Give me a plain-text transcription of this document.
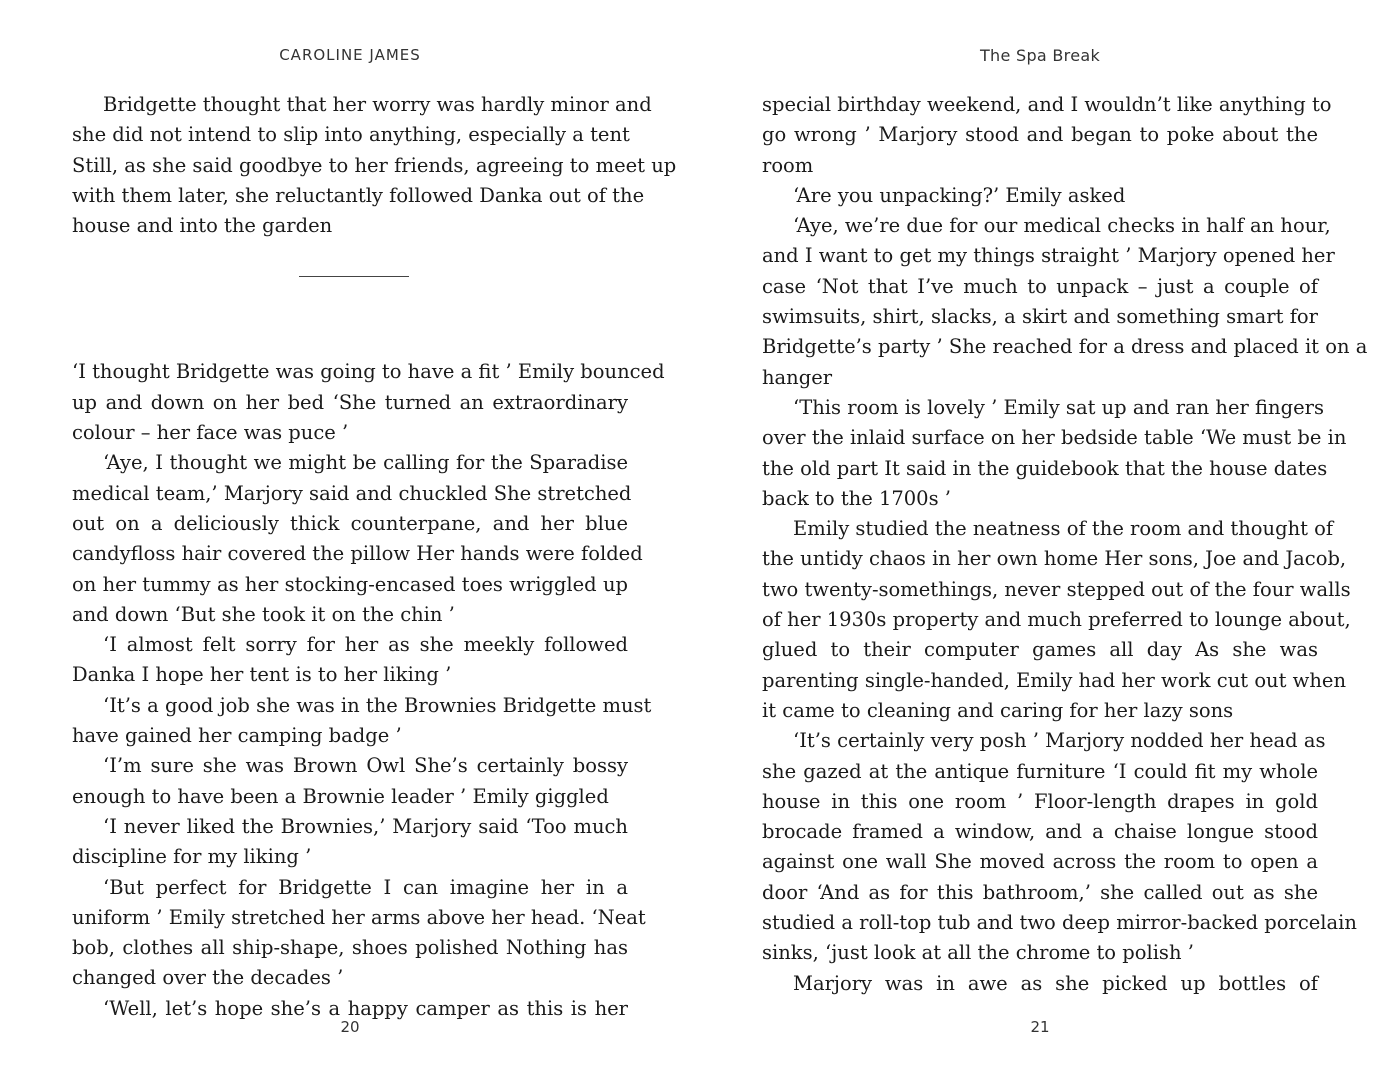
CAROLINE JAMES
Bridgette thought that her worry was hardly minor and
she did not intend to slip into anything, especially a tent
Still, as she said goodbye to her friends, agreeing to meet up
with them later, she reluctantly followed Danka out of the
house and into the garden
‘I thought Bridgette was going to have a fit ’ Emily bounced
up and down on her bed ‘She turned an extraordinary
colour – her face was puce ’
‘Aye, I thought we might be calling for the Sparadise
medical team,’ Marjory said and chuckled She stretched
out on a deliciously thick counterpane, and her blue
candyfloss hair covered the pillow Her hands were folded
on her tummy as her stocking-encased toes wriggled up
and down ‘But she took it on the chin ’
‘I almost felt sorry for her as she meekly followed
Danka I hope her tent is to her liking ’
‘It’s a good job she was in the Brownies Bridgette must
have gained her camping badge ’
‘I’m sure she was Brown Owl She’s certainly bossy
enough to have been a Brownie leader ’ Emily giggled
‘I never liked the Brownies,’ Marjory said ‘Too much
discipline for my liking ’
‘But perfect for Bridgette I can imagine her in a
uniform ’ Emily stretched her arms above her head. ‘Neat
bob, clothes all ship-shape, shoes polished Nothing has
changed over the decades ’
‘Well, let’s hope she’s a happy camper as this is her
20
The Spa Break
special birthday weekend, and I wouldn’t like anything to
go wrong ’ Marjory stood and began to poke about the
room
‘Are you unpacking?’ Emily asked
‘Aye, we’re due for our medical checks in half an hour,
and I want to get my things straight ’ Marjory opened her
case ‘Not that I’ve much to unpack – just a couple of
swimsuits, shirt, slacks, a skirt and something smart for
Bridgette’s party ’ She reached for a dress and placed it on a
hanger
‘This room is lovely ’ Emily sat up and ran her fingers
over the inlaid surface on her bedside table ‘We must be in
the old part It said in the guidebook that the house dates
back to the 1700s ’
Emily studied the neatness of the room and thought of
the untidy chaos in her own home Her sons, Joe and Jacob,
two twenty-somethings, never stepped out of the four walls
of her 1930s property and much preferred to lounge about,
glued to their computer games all day As she was
parenting single-handed, Emily had her work cut out when
it came to cleaning and caring for her lazy sons
‘It’s certainly very posh ’ Marjory nodded her head as
she gazed at the antique furniture ‘I could fit my whole
house in this one room ’ Floor-length drapes in gold
brocade framed a window, and a chaise longue stood
against one wall She moved across the room to open a
door ‘And as for this bathroom,’ she called out as she
studied a roll-top tub and two deep mirror-backed porcelain
sinks, ‘just look at all the chrome to polish ’
Marjory was in awe as she picked up bottles of
21
